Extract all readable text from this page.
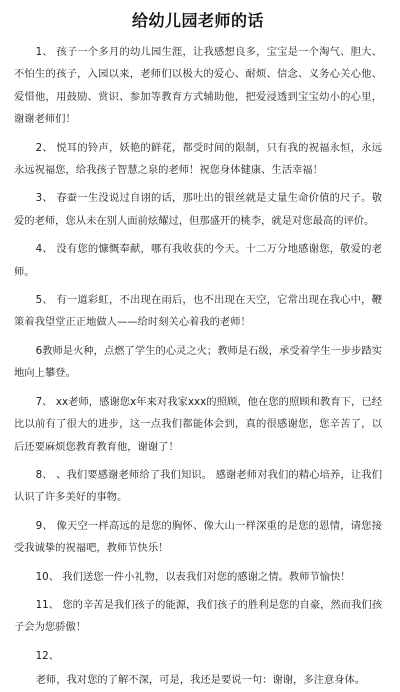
给幼儿园老师的话

1、 孩子一个多月的幼儿园生涯，让我感想良多，宝宝是一个淘气、胆大、不怕生的孩子，入园以来，老师们以极大的爱心、耐烦、信念、义务心关心他、爱惜他，用鼓励、赏识、参加等教育方式辅助他，把爱浸透到宝宝幼小的心里，谢谢老师们！

2、 悦耳的铃声，妖艳的鲜花，都受时间的限制，只有我的祝福永恒，永远永远祝福您，给我孩子智慧之泉的老师！祝您身体健康、生活幸福！

3、 春蚕一生没说过自诩的话，那吐出的银丝就是丈量生命价值的尺子。敬爱的老师，您从未在别人面前炫耀过，但那盛开的桃李，就是对您最高的评价。

4、 没有您的慷慨奉献，哪有我收获的今天。十二万分地感谢您，敬爱的老师。

5、 有一道彩虹，不出现在雨后，也不出现在天空，它常出现在我心中，鞭策着我望堂正正地做人——给时刻关心着我的老师！

6教师是火种，点燃了学生的心灵之火；教师是石级，承受着学生一步步踏实地向上攀登。

7、 xx老师，感谢您x年来对我家xxx的照顾，他在您的照顾和教育下，已经比以前有了很大的进步，这一点我们都能体会到，真的很感谢您，您辛苦了，以后还要麻烦您教育教育他，谢谢了！

8、 、我们要感谢老师给了我们知识。 感谢老师对我们的精心培养，让我们认识了许多美好的事物。

9、 像天空一样高远的是您的胸怀、像大山一样深重的是您的恩情，请您接受我诚挚的祝福吧，教师节快乐！

10、 我们送您一件小礼物，以表我们对您的感谢之情。教师节愉快！

11、 您的辛苦是我们孩子的能源，我们孩子的胜利是您的自豪，然而我们孩子会为您骄傲！

12、

老师，我对您的了解不深，可是，我还是要说一句：谢谢，多注意身体。
